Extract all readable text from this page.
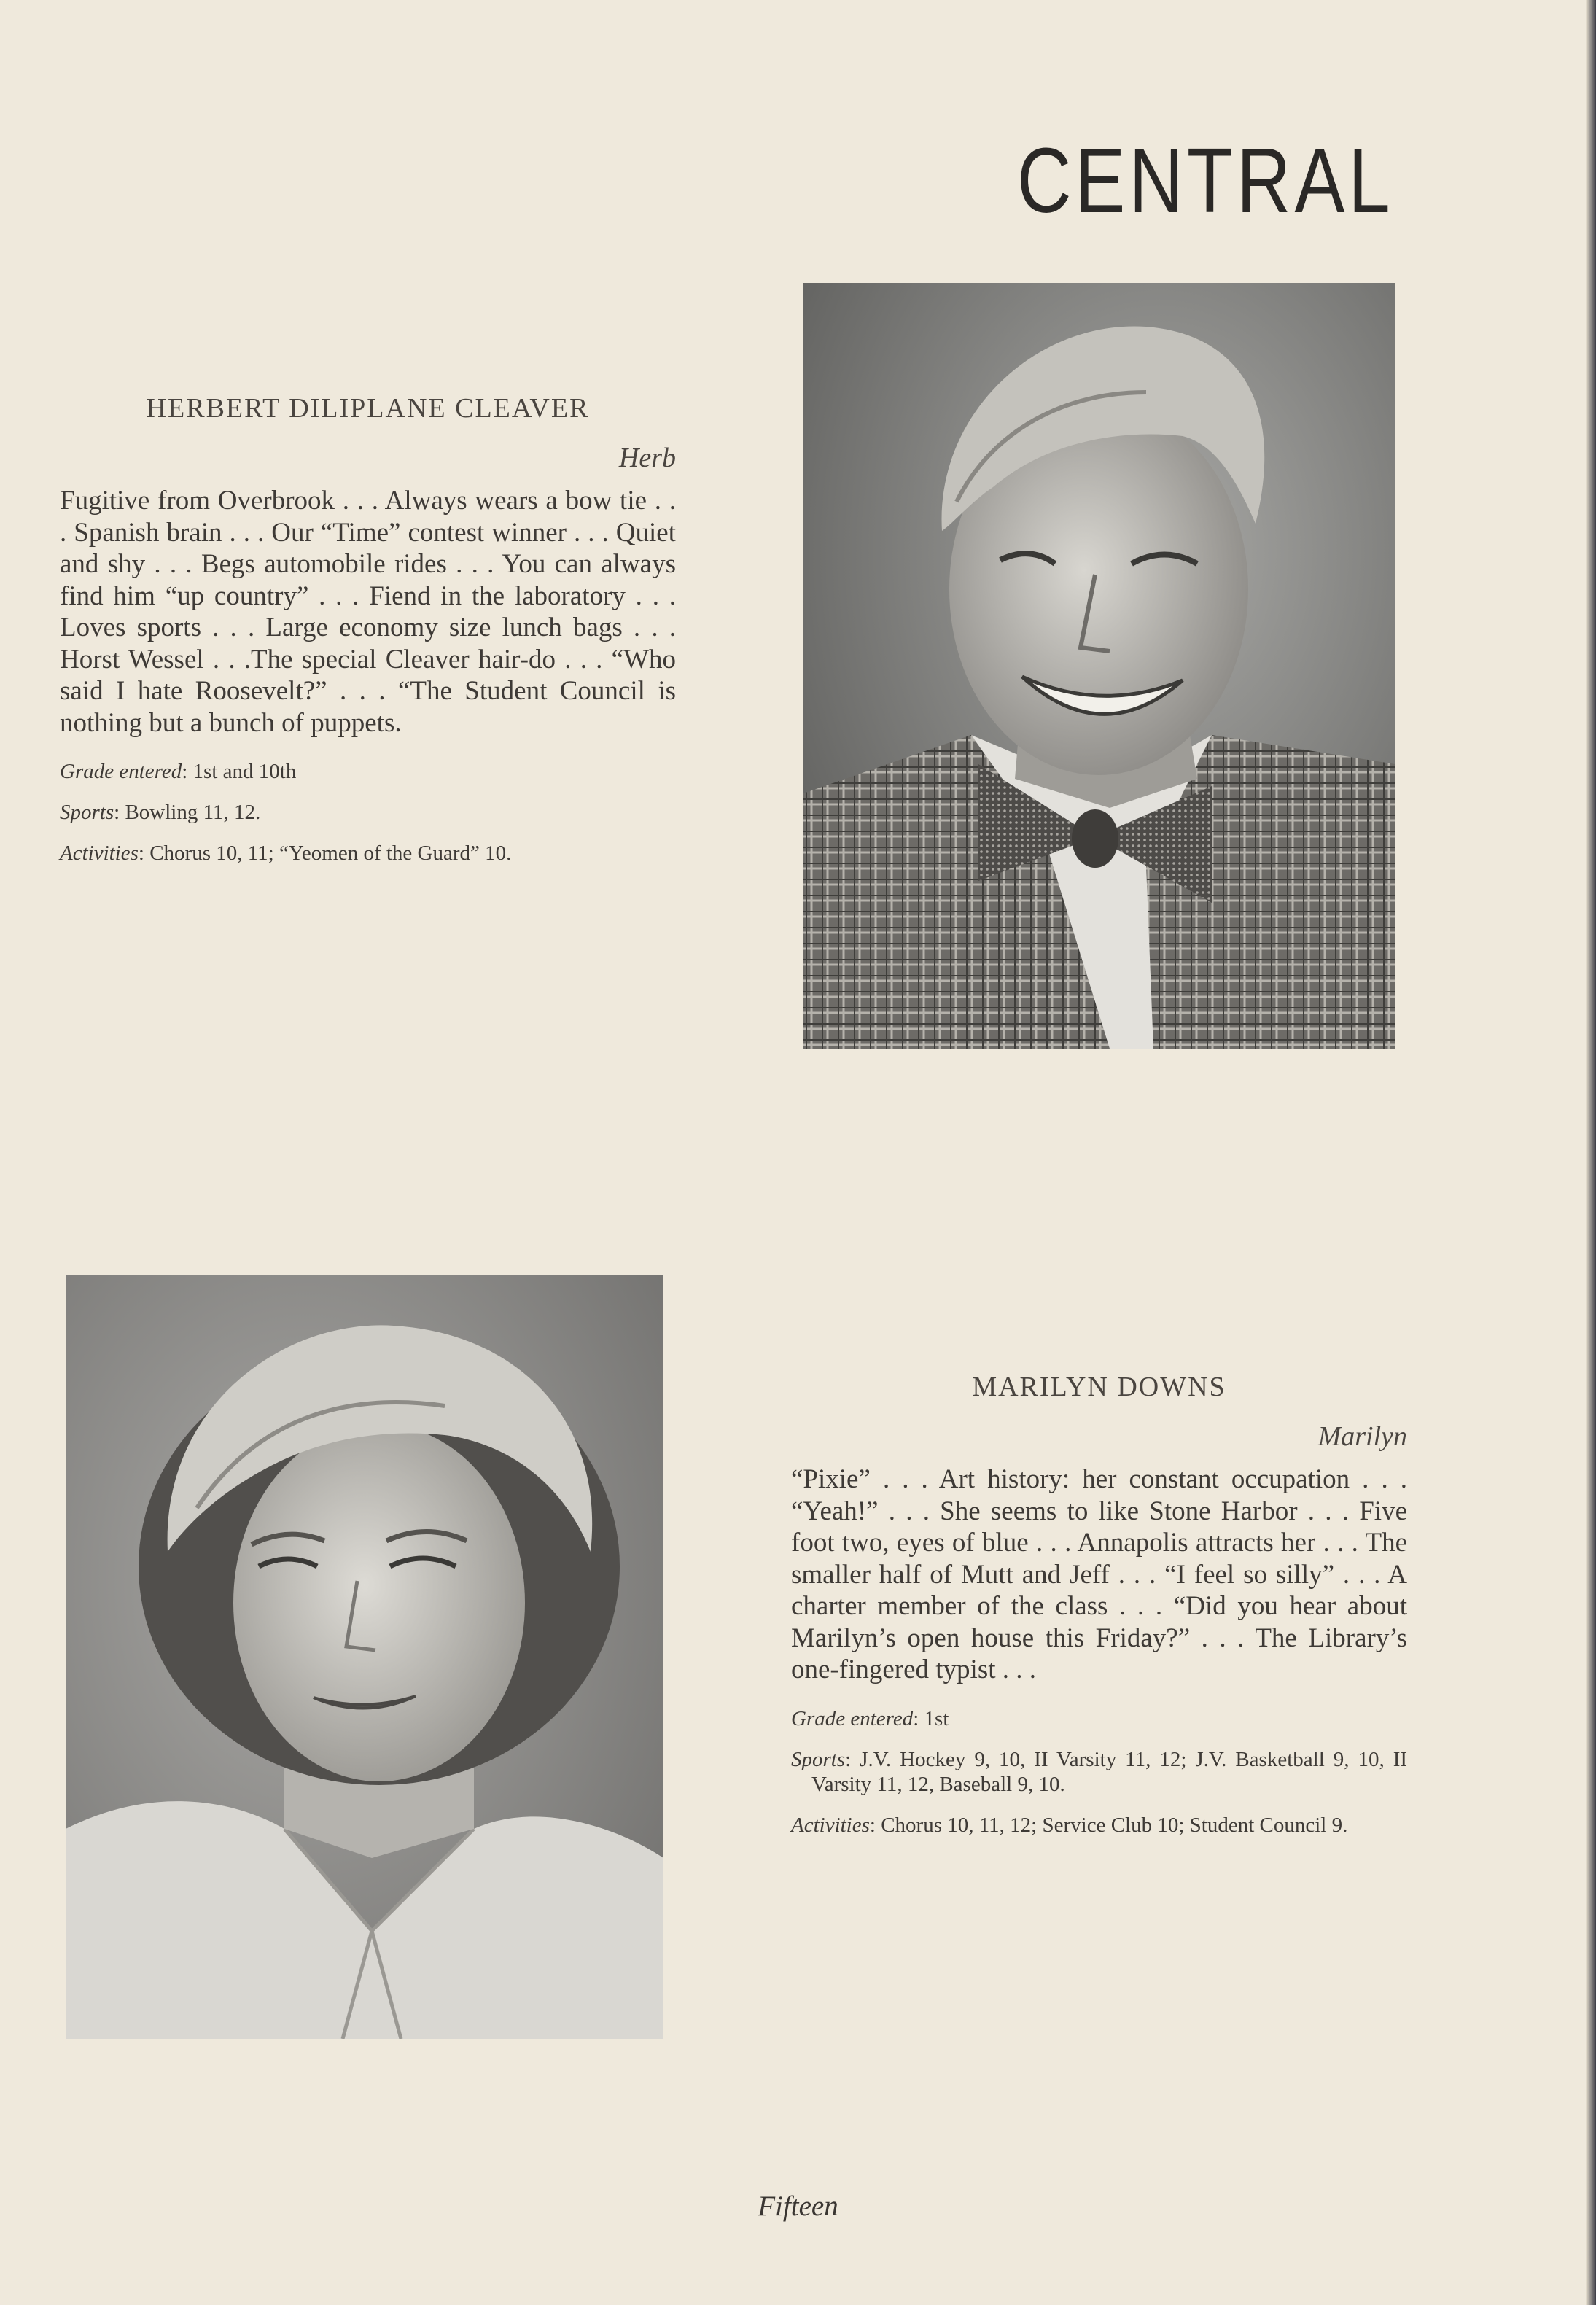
CENTRAL
HERBERT DILIPLANE CLEAVER
Herb
Fugitive from Overbrook . . . Always wears a bow tie . . . Spanish brain . . . Our “Time” contest winner . . . Quiet and shy . . . Begs automobile rides . . . You can always find him “up country” . . . Fiend in the laboratory . . . Loves sports . . . Large economy size lunch bags . . . Horst Wessel . . .The special Cleaver hair-do . . . “Who said I hate Roosevelt?” . . . “The Student Council is nothing but a bunch of puppets.
Grade entered: 1st and 10th
Sports: Bowling 11, 12.
Activities: Chorus 10, 11; “Yeomen of the Guard” 10.
MARILYN DOWNS
Marilyn
“Pixie” . . . Art history: her constant occupation . . . “Yeah!” . . . She seems to like Stone Harbor . . . Five foot two, eyes of blue . . . Annapolis attracts her . . . The smaller half of Mutt and Jeff . . . “I feel so silly” . . . A charter member of the class . . . “Did you hear about Marilyn’s open house this Friday?” . . . The Library’s one-fingered typist . . .
Grade entered: 1st
Sports: J.V. Hockey 9, 10, II Varsity 11, 12; J.V. Basketball 9, 10, II Varsity 11, 12, Baseball 9, 10.
Activities: Chorus 10, 11, 12; Service Club 10; Student Council 9.
Fifteen
